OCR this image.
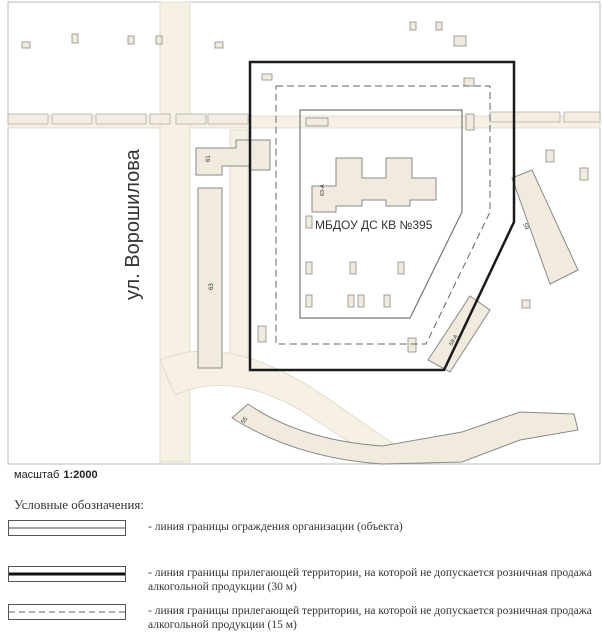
ул. Ворошилова	МБДОУ ДС КВ №395
63-А
61
63
59
59-А
55
масштаб 1:2000
Условные обозначения:
- линия границы ограждения организации (объекта)
- линия границы прилегающей территории, на которой не допускается розничная продажа алкогольной продукции (30 м)
- линия границы прилегающей территории, на которой не допускается розничная продажа алкогольной продукции (15 м)
